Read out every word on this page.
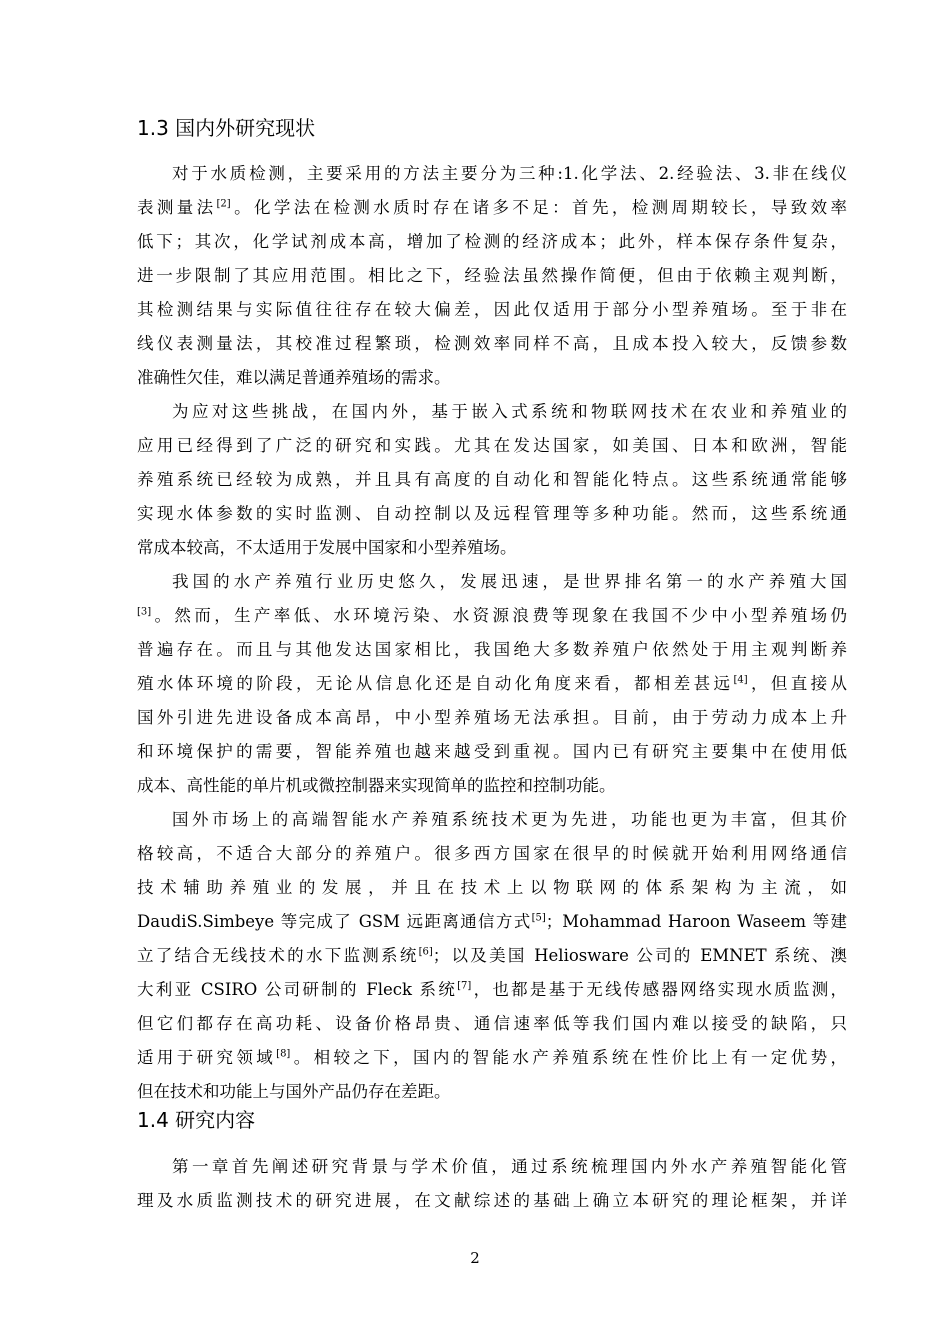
1.3 国内外研究现状
对于水质检测，主要采用的方法主要分为三种:1.化学法、2.经验法、3.非在线仪
表测量法[2]。化学法在检测水质时存在诸多不足：首先，检测周期较长，导致效率
低下；其次，化学试剂成本高，增加了检测的经济成本；此外，样本保存条件复杂，
进一步限制了其应用范围。相比之下，经验法虽然操作简便，但由于依赖主观判断，
其检测结果与实际值往往存在较大偏差，因此仅适用于部分小型养殖场。至于非在
线仪表测量法，其校准过程繁琐，检测效率同样不高，且成本投入较大，反馈参数
准确性欠佳，难以满足普通养殖场的需求。
为应对这些挑战，在国内外，基于嵌入式系统和物联网技术在农业和养殖业的
应用已经得到了广泛的研究和实践。尤其在发达国家，如美国、日本和欧洲，智能
养殖系统已经较为成熟，并且具有高度的自动化和智能化特点。这些系统通常能够
实现水体参数的实时监测、自动控制以及远程管理等多种功能。然而，这些系统通
常成本较高，不太适用于发展中国家和小型养殖场。
我国的水产养殖行业历史悠久，发展迅速，是世界排名第一的水产养殖大国
[3]。然而，生产率低、水环境污染、水资源浪费等现象在我国不少中小型养殖场仍
普遍存在。而且与其他发达国家相比，我国绝大多数养殖户依然处于用主观判断养
殖水体环境的阶段，无论从信息化还是自动化角度来看，都相差甚远[4]，但直接从
国外引进先进设备成本高昂，中小型养殖场无法承担。目前，由于劳动力成本上升
和环境保护的需要，智能养殖也越来越受到重视。国内已有研究主要集中在使用低
成本、高性能的单片机或微控制器来实现简单的监控和控制功能。
国外市场上的高端智能水产养殖系统技术更为先进，功能也更为丰富，但其价
格较高，不适合大部分的养殖户。很多西方国家在很早的时候就开始利用网络通信
技术辅助养殖业的发展，并且在技术上以物联网的体系架构为主流，如
DaudiS.Simbeye 等完成了 GSM 远距离通信方式[5]；Mohammad Haroon Waseem 等建
立了结合无线技术的水下监测系统[6]；以及美国 Heliosware 公司的 EMNET 系统、澳
大利亚 CSIRO 公司研制的 Fleck 系统[7]，也都是基于无线传感器网络实现水质监测，
但它们都存在高功耗、设备价格昂贵、通信速率低等我们国内难以接受的缺陷，只
适用于研究领域[8]。相较之下，国内的智能水产养殖系统在性价比上有一定优势，
但在技术和功能上与国外产品仍存在差距。
1.4 研究内容
第一章首先阐述研究背景与学术价值，通过系统梳理国内外水产养殖智能化管
理及水质监测技术的研究进展，在文献综述的基础上确立本研究的理论框架，并详
2
